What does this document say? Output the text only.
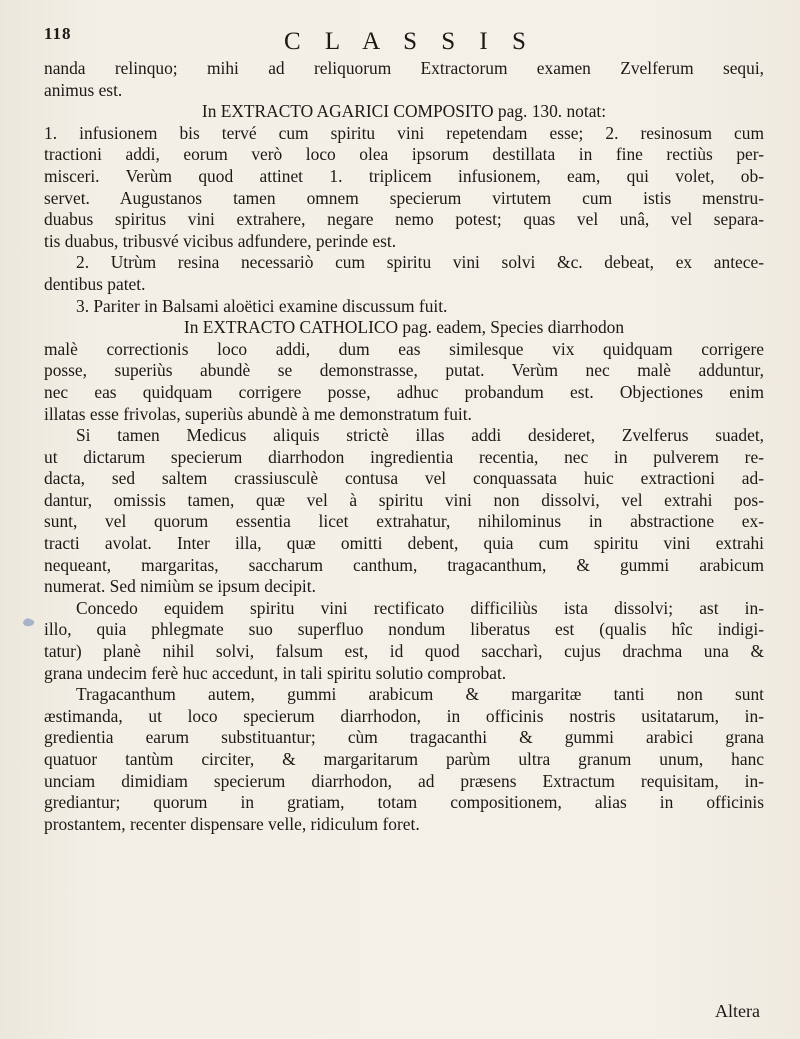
118	C L A S S I S
nanda relinquo; mihi ad reliquorum Extractorum examen Zvelferum sequi,
animus est.
In EXTRACTO AGARICI COMPOSITO pag. 130. notat:
1. infusionem bis tervé cum spiritu vini repetendam esse; 2. resinosum cum
tractioni addi, eorum verò loco olea ipsorum destillata in fine rectiùs per-
misceri. Verùm quod attinet 1. triplicem infusionem, eam, qui volet, ob-
servet. Augustanos tamen omnem specierum virtutem cum istis menstru-
duabus spiritus vini extrahere, negare nemo potest; quas vel unâ, vel separa-
tis duabus, tribusvé vicibus adfundere, perinde est.
2. Utrùm resina necessariò cum spiritu vini solvi &c. debeat, ex antece-
dentibus patet.
3. Pariter in Balsami aloëtici examine discussum fuit.
In EXTRACTO CATHOLICO pag. eadem, Species diarrhodon
malè correctionis loco addi, dum eas similesque vix quidquam corrigere
posse, superiùs abundè se demonstrasse, putat. Verùm nec malè adduntur,
nec eas quidquam corrigere posse, adhuc probandum est. Objectiones enim
illatas esse frivolas, superiùs abundè à me demonstratum fuit.
Si tamen Medicus aliquis strictè illas addi desideret, Zvelferus suadet,
ut dictarum specierum diarrhodon ingredientia recentia, nec in pulverem re-
dacta, sed saltem crassiusculè contusa vel conquassata huic extractioni ad-
dantur, omissis tamen, quæ vel à spiritu vini non dissolvi, vel extrahi pos-
sunt, vel quorum essentia licet extrahatur, nihilominus in abstractione ex-
tracti avolat. Inter illa, quæ omitti debent, quia cum spiritu vini extrahi
nequeant, margaritas, saccharum canthum, tragacanthum, & gummi arabicum
numerat. Sed nimiùm se ipsum decipit.
Concedo equidem spiritu vini rectificato difficiliùs ista dissolvi; ast in-
illo, quia phlegmate suo superfluo nondum liberatus est (qualis hîc indigi-
tatur) planè nihil solvi, falsum est, id quod saccharì, cujus drachma una &
grana undecim ferè huc accedunt, in tali spiritu solutio comprobat.
Tragacanthum autem, gummi arabicum & margaritæ tanti non sunt
æstimanda, ut loco specierum diarrhodon, in officinis nostris usitatarum, in-
gredientia earum substituantur; cùm tragacanthi & gummi arabici grana
quatuor tantùm circiter, & margaritarum parùm ultra granum unum, hanc
unciam dimidiam specierum diarrhodon, ad præsens Extractum requisitam, in-
grediantur; quorum in gratiam, totam compositionem, alias in officinis
prostantem, recenter dispensare velle, ridiculum foret.
Altera
